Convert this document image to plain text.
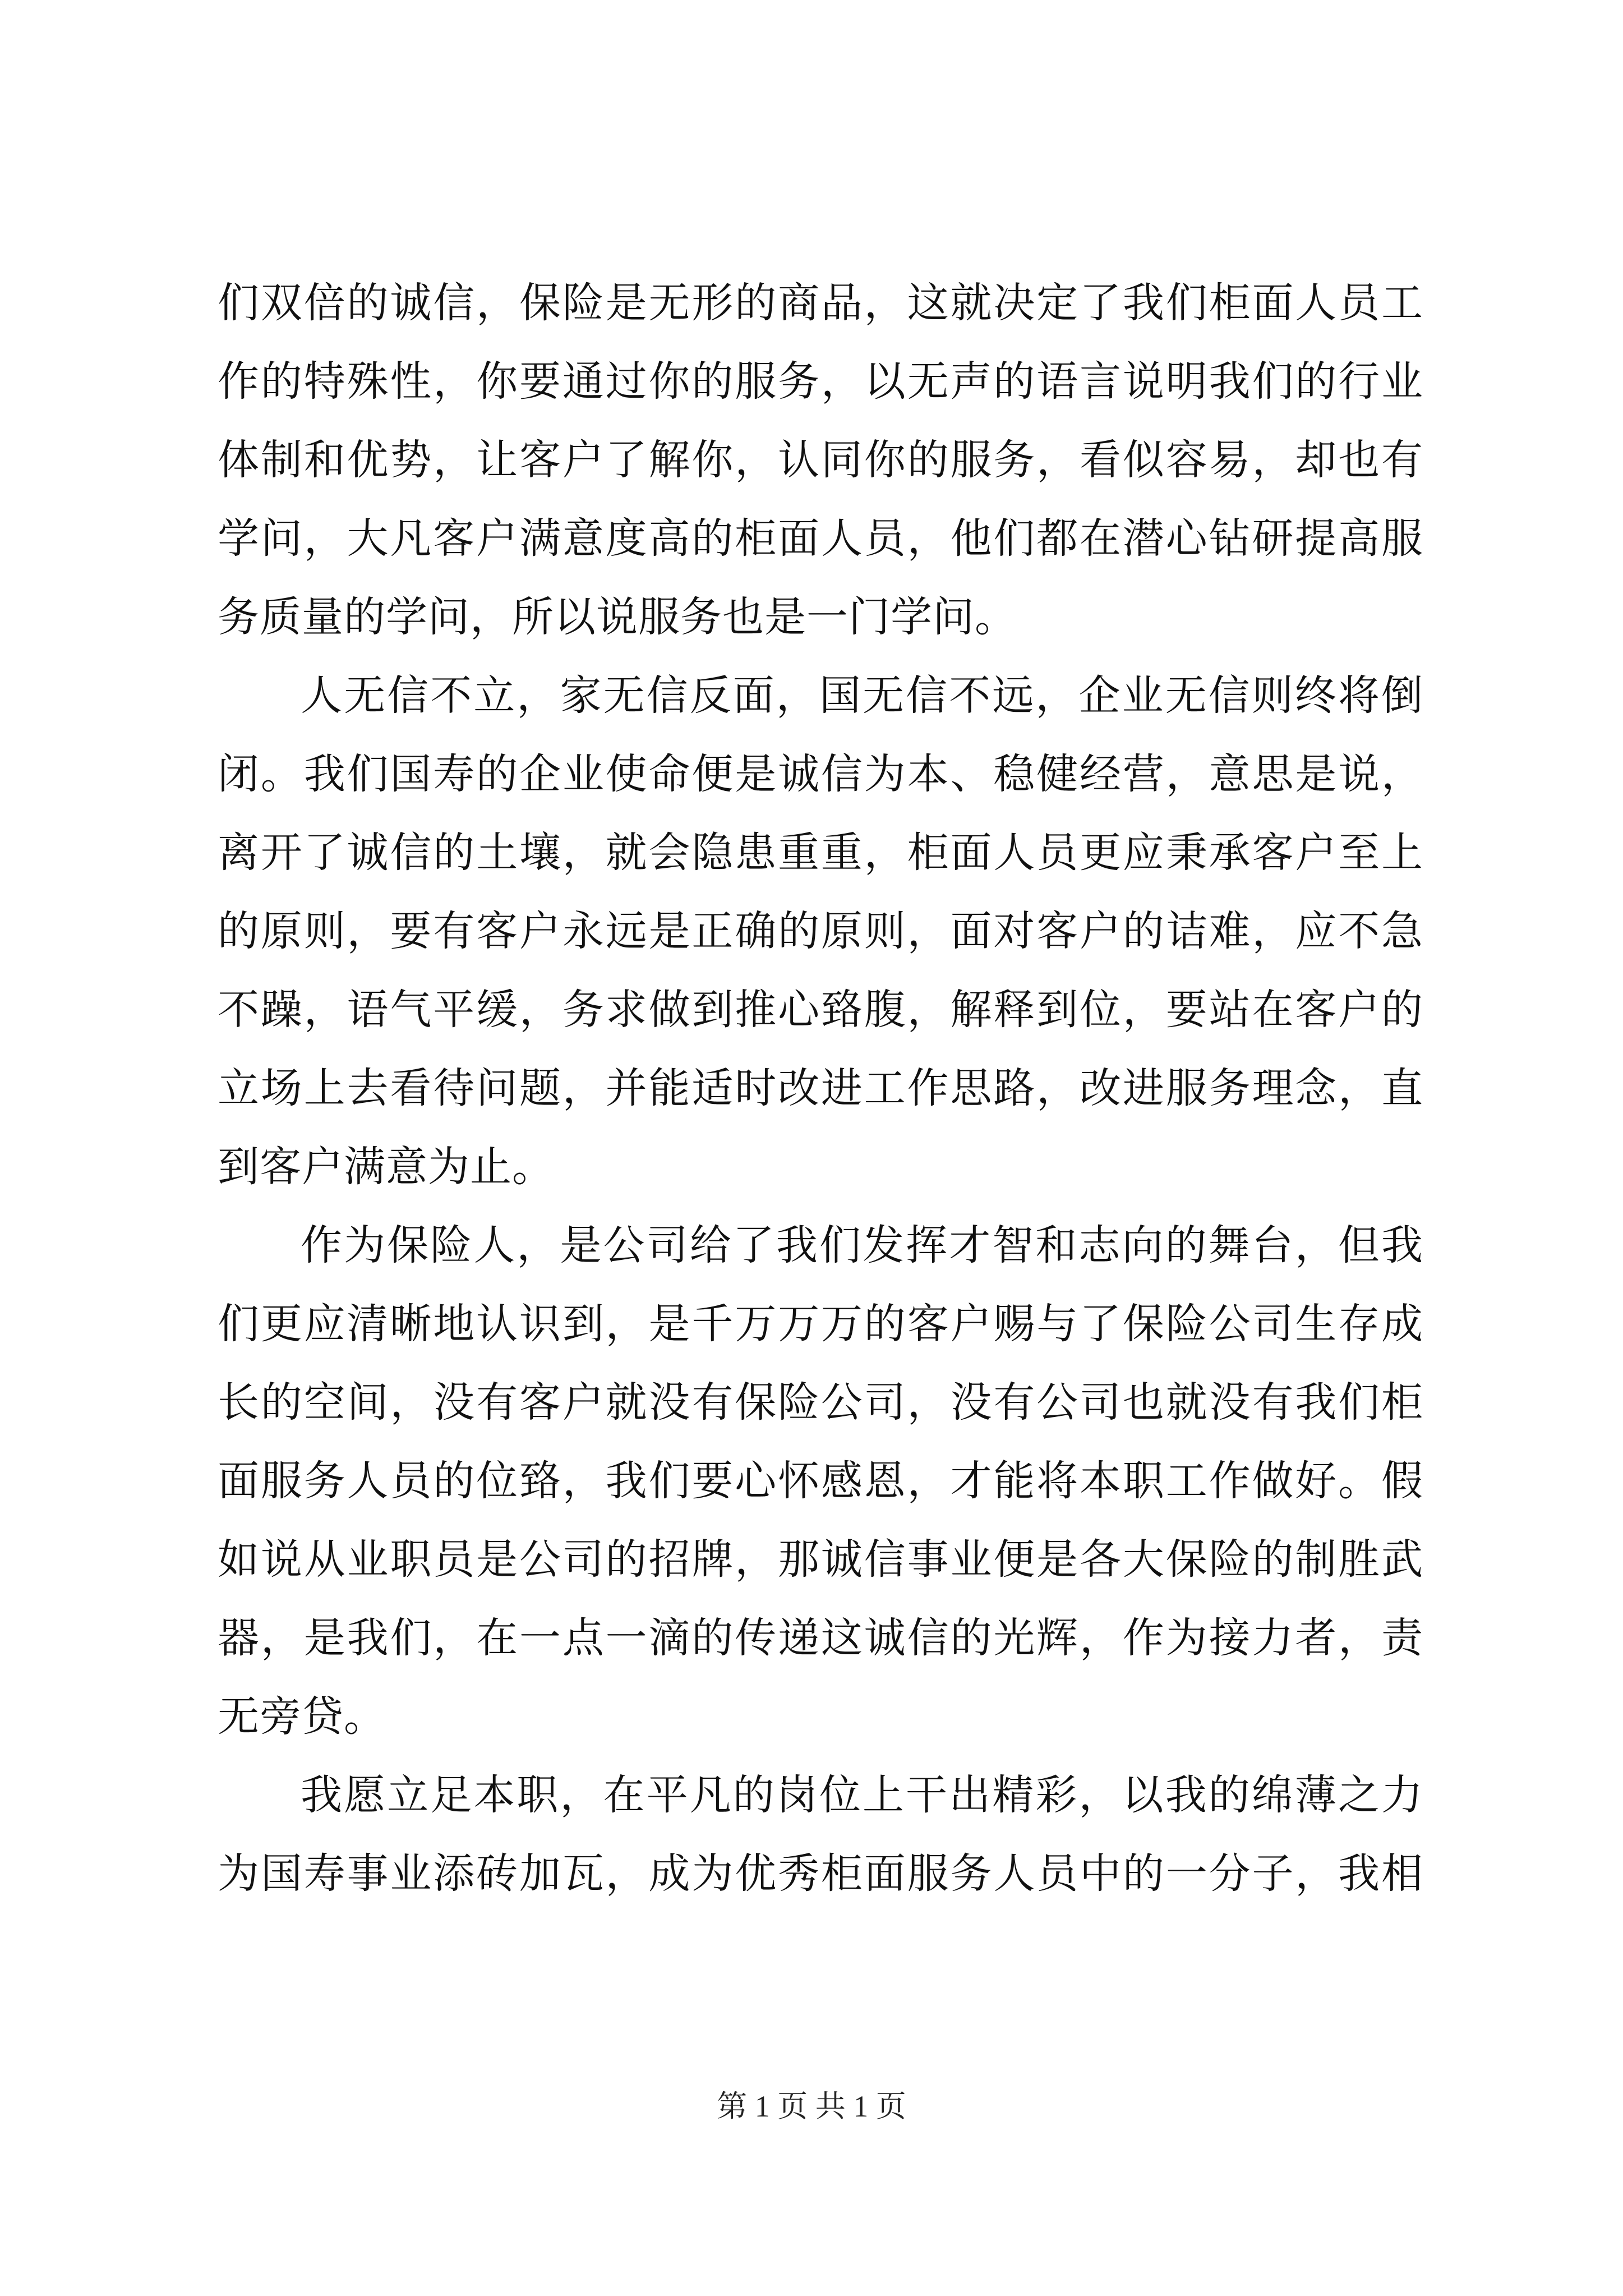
们双倍的诚信，保险是无形的商品，这就决定了我们柜面人员工
作的特殊性，你要通过你的服务，以无声的语言说明我们的行业
体制和优势，让客户了解你，认同你的服务，看似容易，却也有
学问，大凡客户满意度高的柜面人员，他们都在潜心钻研提高服
务质量的学问，所以说服务也是一门学问。
人无信不立，家无信反面，国无信不远，企业无信则终将倒
闭。我们国寿的企业使命便是诚信为本、稳健经营，意思是说，
离开了诚信的土壤，就会隐患重重，柜面人员更应秉承客户至上
的原则，要有客户永远是正确的原则，面对客户的诘难，应不急
不躁，语气平缓，务求做到推心臵腹，解释到位，要站在客户的
立场上去看待问题，并能适时改进工作思路，改进服务理念，直
到客户满意为止。
作为保险人，是公司给了我们发挥才智和志向的舞台，但我
们更应清晰地认识到，是千万万万的客户赐与了保险公司生存成
长的空间，没有客户就没有保险公司，没有公司也就没有我们柜
面服务人员的位臵，我们要心怀感恩，才能将本职工作做好。假
如说从业职员是公司的招牌，那诚信事业便是各大保险的制胜武
器，是我们，在一点一滴的传递这诚信的光辉，作为接力者，责
无旁贷。
我愿立足本职，在平凡的岗位上干出精彩，以我的绵薄之力
为国寿事业添砖加瓦，成为优秀柜面服务人员中的一分子，我相
第 1 页 共 1 页
